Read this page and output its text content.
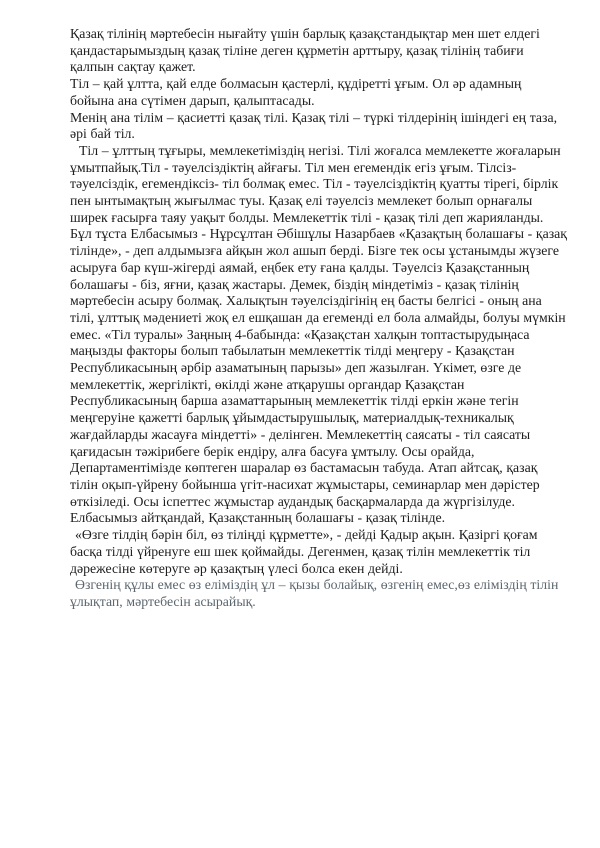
Қазақ тілінің мәртебесін нығайту үшін барлық қазақстандықтар мен шет елдегі қандастарымыздың қазақ тіліне деген құрметін арттыру, қазақ тілінің табиғи қалпын сақтау қажет.

Тіл – қай ұлтта, қай елде болмасын қастерлі, құдіретті ұғым. Ол әр адамның бойына ана сүтімен дарып, қалыптасады.

Менің ана тілім – қасиетті қазақ тілі. Қазақ тілі – түркі тілдерінің ішіндегі ең таза, әрі бай тіл.

Тіл – ұлттың тұғыры, мемлекетіміздің негізі. Тілі жоғалса мемлекетте жоғаларын ұмытпайық.Тіл - тәуелсіздіктің айғағы. Тіл мен егемендік егіз ұғым. Тілсіз- тәуелсіздік, егемендіксіз- тіл болмақ емес. Тіл - тәуелсіздіктің қуатты тірегі, бірлік пен ынтымақтың жығылмас туы. Қазақ елі тәуелсіз мемлекет болып орнағалы ширек ғасырға таяу уақыт болды. Мемлекеттік тілі - қазақ тілі деп жарияланды. Бұл тұста Елбасымыз - Нұрсұлтан Әбішұлы Назарбаев «Қазақтың болашағы - қазақ тілінде», - деп алдымызға айқын жол ашып берді. Бізге тек осы ұстанымды жүзеге асыруға бар күш-жігерді аямай, еңбек ету ғана қалды. Тәуелсіз Қазақстанның болашағы - біз, яғни, қазақ жастары. Демек, біздің міндетіміз - қазақ тілінің мәртебесін асыру болмақ. Халықтын тәуелсіздігінің ең басты белгісі - оның ана тілі, ұлттық мәдениеті жоқ ел ешқашан да егеменді ел бола алмайды, болуы мүмкін емес. «Тіл туралы» Заңның 4-бабында: «Қазақстан халқын топтастырудыңаса маңызды факторы болып табылатын мемлекеттік тілді меңгеру - Қазақстан Республикасының әрбір азаматының парызы» деп жазылған. Үкімет, өзге де мемлекеттік, жергілікті, өкілді және атқарушы органдар Қазақстан Республикасының барша азаматтарының мемлекеттік тілді еркін және тегін меңгеруіне қажетті барлық ұйымдастырушылық, материалдық-техникалық жағдайларды жасауға міндетті» - делінген. Мемлекеттің саясаты - тіл саясаты қағидасын тәжірибеге берік ендіру, алға басуға ұмтылу. Осы орайда, Департаментімізде көптеген шаралар өз бастамасын табуда. Атап айтсақ, қазақ тілін оқып-үйрену бойынша үгіт-насихат жұмыстары, семинарлар мен дәрістер өткізіледі. Осы іспеттес жұмыстар аудандық басқармаларда да жүргізілуде. Елбасымыз айтқандай, Қазақстанның болашағы - қазақ тілінде.

«Өзге тілдің бәрін біл, өз тіліңді құрметте», - дейді Қадыр ақын. Қазіргі қоғам басқа тілді үйренуге еш шек қоймайды. Дегенмен, қазақ тілін мемлекеттік тіл дәрежесіне көтеруге әр қазақтың үлесі болса екен дейді.

Өзгенің құлы емес өз еліміздің ұл – қызы болайық, өзгенің емес,өз еліміздің тілін ұлықтап, мәртебесін асырайық.
